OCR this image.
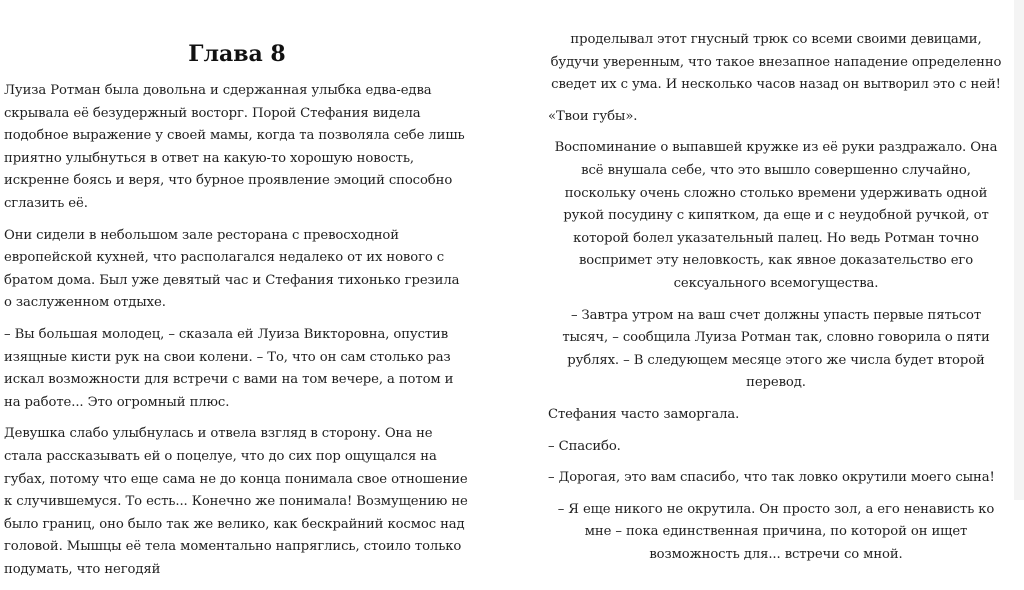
Глава 8

Луиза Ротман была довольна и сдержанная улыбка едва-едва скрывала её безудержный восторг. Порой Стефания видела подобное выражение у своей мамы, когда та позволяла себе лишь приятно улыбнуться в ответ на какую-то хорошую новость, искренне боясь и веря, что бурное проявление эмоций способно сглазить её.

Они сидели в небольшом зале ресторана с превосходной европейской кухней, что располагался недалеко от их нового с братом дома. Был уже девятый час и Стефания тихонько грезила о заслуженном отдыхе.

– Вы большая молодец, – сказала ей Луиза Викторовна, опустив изящные кисти рук на свои колени. – То, что он сам столько раз искал возможности для встречи с вами на том вечере, а потом и на работе... Это огромный плюс.

Девушка слабо улыбнулась и отвела взгляд в сторону. Она не стала рассказывать ей о поцелуе, что до сих пор ощущался на губах, потому что еще сама не до конца понимала свое отношение к случившемуся. То есть... Конечно же понимала! Возмущению не было границ, оно было так же велико, как бескрайний космос над головой. Мышцы её тела моментально напряглись, стоило только подумать, что негодяй

проделывал этот гнусный трюк со всеми своими девицами, будучи уверенным, что такое внезапное нападение определенно сведет их с ума. И несколько часов назад он вытворил это с ней!

«Твои губы».

Воспоминание о выпавшей кружке из её руки раздражало. Она всё внушала себе, что это вышло совершенно случайно, поскольку очень сложно столько времени удерживать одной рукой посудину с кипятком, да еще и с неудобной ручкой, от которой болел указательный палец. Но ведь Ротман точно воспримет эту неловкость, как явное доказательство его сексуального всемогущества.

– Завтра утром на ваш счет должны упасть первые пятьсот тысяч, – сообщила Луиза Ротман так, словно говорила о пяти рублях. – В следующем месяце этого же числа будет второй перевод.

Стефания часто заморгала.

– Спасибо.

– Дорогая, это вам спасибо, что так ловко окрутили моего сына!

– Я еще никого не окрутила. Он просто зол, а его ненависть ко мне – пока единственная причина, по которой он ищет возможность для... встречи со мной.
